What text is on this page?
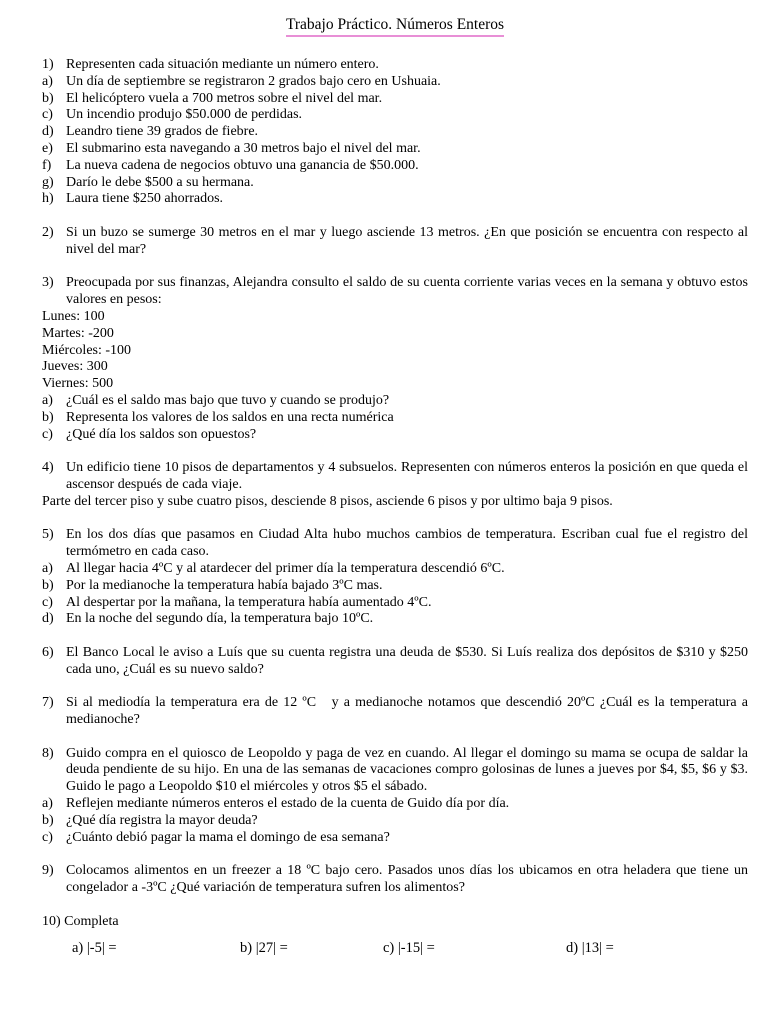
Trabajo Práctico. Números Enteros
1) Representen cada situación mediante un número entero.
a) Un día de septiembre se registraron 2 grados bajo cero en Ushuaia.
b) El helicóptero vuela a 700 metros sobre el nivel del mar.
c) Un incendio produjo $50.000 de perdidas.
d) Leandro tiene 39 grados de fiebre.
e) El submarino esta navegando a 30 metros bajo el nivel del mar.
f) La nueva cadena de negocios obtuvo una ganancia de $50.000.
g) Darío le debe $500 a su hermana.
h) Laura tiene $250 ahorrados.
2) Si un buzo se sumerge 30 metros en el mar y luego asciende 13 metros. ¿En que posición se encuentra con respecto al nivel del mar?
3) Preocupada por sus finanzas, Alejandra consulto el saldo de su cuenta corriente varias veces en la semana y obtuvo estos valores en pesos:
Lunes: 100
Martes: -200
Miércoles: -100
Jueves: 300
Viernes: 500
a) ¿Cuál es el saldo mas bajo que tuvo y cuando se produjo?
b) Representa los valores de los saldos en una recta numérica
c) ¿Qué día los saldos son opuestos?
4) Un edificio tiene 10 pisos de departamentos y 4 subsuelos. Representen con números enteros la posición en que queda el ascensor después de cada viaje.
Parte del tercer piso y sube cuatro pisos, desciende 8 pisos, asciende 6 pisos y por ultimo baja 9 pisos.
5) En los dos días que pasamos en Ciudad Alta hubo muchos cambios de temperatura. Escriban cual fue el registro del termómetro en cada caso.
a) Al llegar hacia 4ºC y al atardecer del primer día la temperatura descendió 6ºC.
b) Por la medianoche la temperatura había bajado 3ºC mas.
c) Al despertar por la mañana, la temperatura había aumentado 4ºC.
d) En la noche del segundo día, la temperatura bajo 10ºC.
6) El Banco Local le aviso a Luís que su cuenta registra una deuda de $530. Si Luís realiza dos depósitos de $310 y $250 cada uno, ¿Cuál es su nuevo saldo?
7) Si al mediodía la temperatura era de 12 ºC   y a medianoche notamos que descendió 20ºC ¿Cuál es la temperatura a medianoche?
8) Guido compra en el quiosco de Leopoldo y paga de vez en cuando. Al llegar el domingo su mama se ocupa de saldar la deuda pendiente de su hijo. En una de las semanas de vacaciones compro golosinas de lunes a jueves por $4, $5, $6 y $3. Guido le pago a Leopoldo $10 el miércoles y otros $5 el sábado.
a) Reflejen mediante números enteros el estado de la cuenta de Guido día por día.
b) ¿Qué día registra la mayor deuda?
c) ¿Cuánto debió pagar la mama el domingo de esa semana?
9) Colocamos alimentos en un freezer a 18 ºC bajo cero. Pasados unos días los ubicamos en otra heladera que tiene un congelador a -3ºC ¿Qué variación de temperatura sufren los alimentos?
10) Completa
a) |-5| =	b) |27| =	c) |-15| =	d) |13| =
